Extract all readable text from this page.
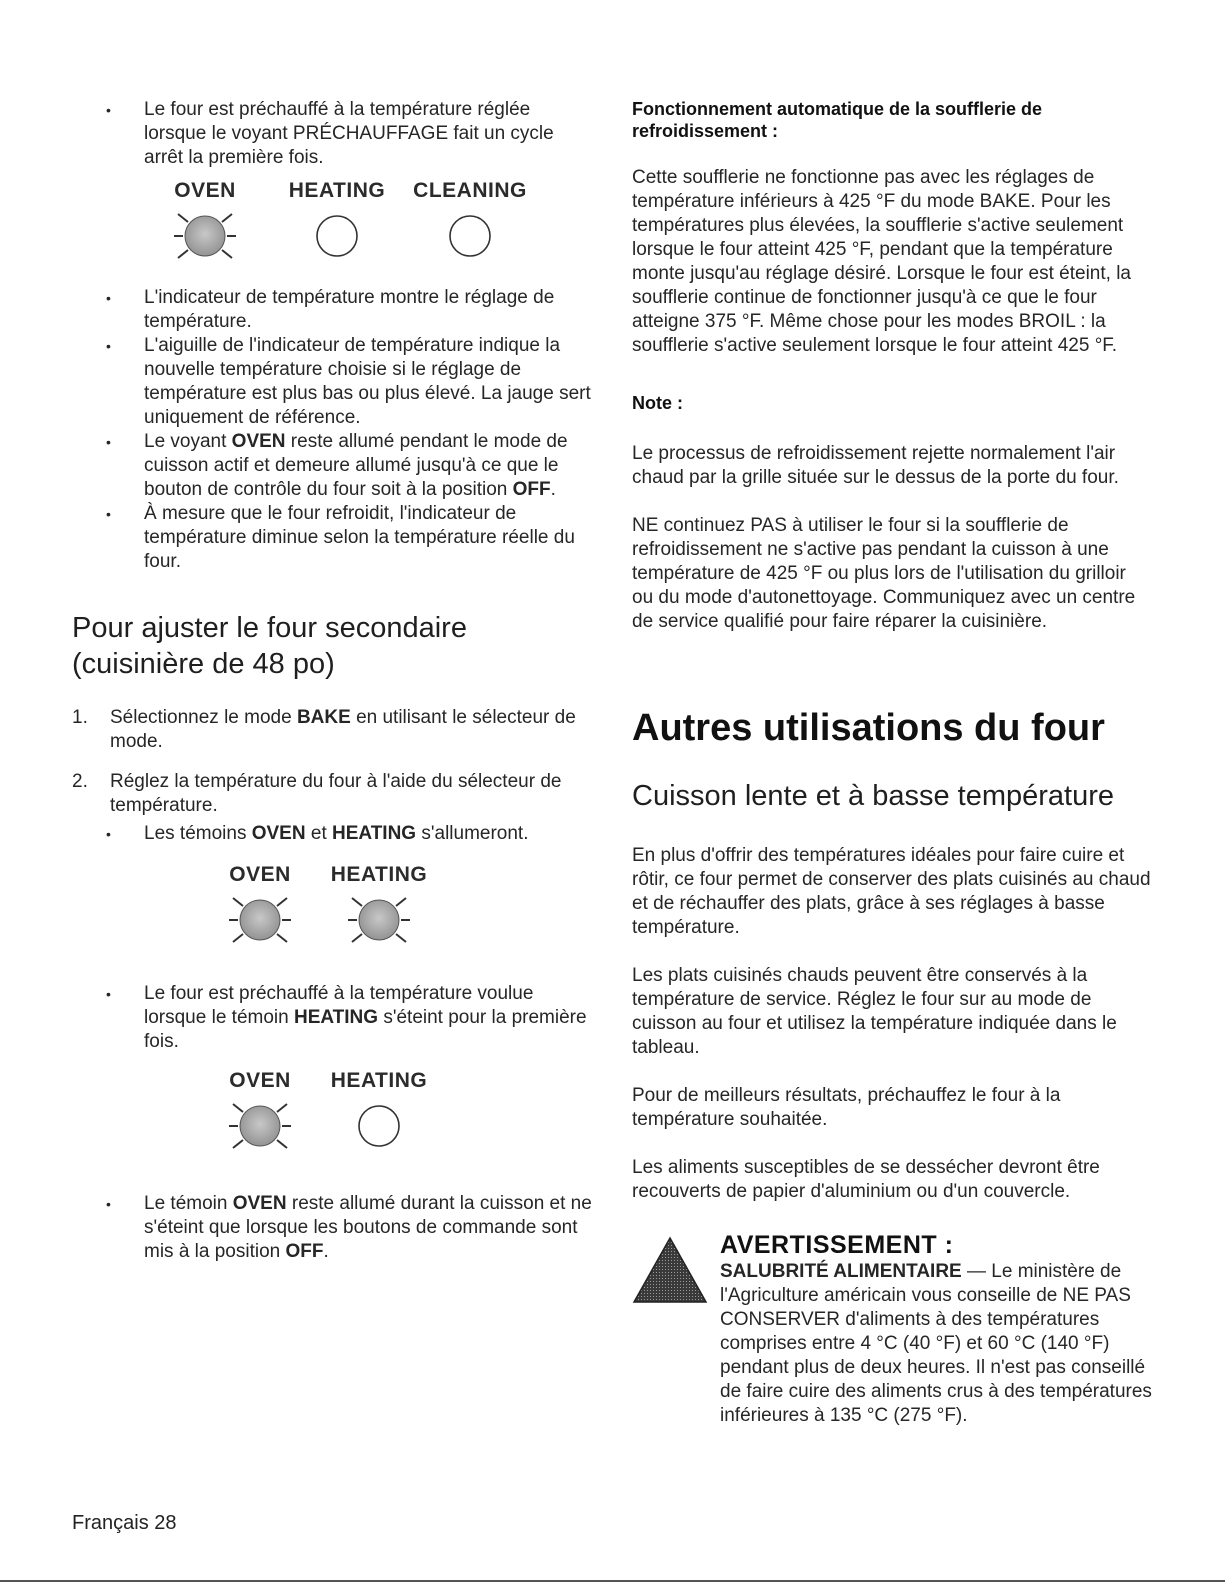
• Le four est préchauffé à la température réglée lorsque le voyant PRÉCHAUFFAGE fait un cycle arrêt la première fois.
OVEN	HEATING CLEANING
• L'indicateur de température montre le réglage de température.
• L'aiguille de l'indicateur de température indique la nouvelle température choisie si le réglage de température est plus bas ou plus élevé. La jauge sert uniquement de référence.
• Le voyant OVEN reste allumé pendant le mode de cuisson actif et demeure allumé jusqu'à ce que le bouton de contrôle du four soit à la position OFF.
• À mesure que le four refroidit, l'indicateur de température diminue selon la température réelle du four.
Pour ajuster le four secondaire (cuisinière de 48 po)
1. Sélectionnez le mode BAKE en utilisant le sélecteur de mode.
2. Réglez la température du four à l'aide du sélecteur de température.
• Les témoins OVEN et HEATING s'allumeront.
OVEN HEATING
• Le four est préchauffé à la température voulue lorsque le témoin HEATING s'éteint pour la première fois.
OVEN HEATING
• Le témoin OVEN reste allumé durant la cuisson et ne s'éteint que lorsque les boutons de commande sont mis à la position OFF.

Fonctionnement automatique de la soufflerie de refroidissement :

Cette soufflerie ne fonctionne pas avec les réglages de température inférieurs à 425 °F du mode BAKE. Pour les températures plus élevées, la soufflerie s'active seulement lorsque le four atteint 425 °F, pendant que la température monte jusqu'au réglage désiré. Lorsque le four est éteint, la soufflerie continue de fonctionner jusqu'à ce que le four atteigne 375 °F. Même chose pour les modes BROIL : la soufflerie s'active seulement lorsque le four atteint 425 °F.

Note :

Le processus de refroidissement rejette normalement l'air chaud par la grille située sur le dessus de la porte du four.

NE continuez PAS à utiliser le four si la soufflerie de refroidissement ne s'active pas pendant la cuisson à une température de 425 °F ou plus lors de l'utilisation du grilloir ou du mode d'autonettoyage. Communiquez avec un centre de service qualifié pour faire réparer la cuisinière.

Autres utilisations du four
Cuisson lente et à basse température

En plus d'offrir des températures idéales pour faire cuire et rôtir, ce four permet de conserver des plats cuisinés au chaud et de réchauffer des plats, grâce à ses réglages à basse température.

Les plats cuisinés chauds peuvent être conservés à la température de service. Réglez le four sur au mode de cuisson au four et utilisez la température indiquée dans le tableau.

Pour de meilleurs résultats, préchauffez le four à la température souhaitée.

Les aliments susceptibles de se dessécher devront être recouverts de papier d'aluminium ou d'un couvercle.

AVERTISSEMENT :

SALUBRITÉ ALIMENTAIRE — Le ministère de l'Agriculture américain vous conseille de NE PAS CONSERVER d'aliments à des températures comprises entre 4 °C (40 °F) et 60 °C (140 °F) pendant plus de deux heures. Il n'est pas conseillé de faire cuire des aliments crus à des températures inférieures à 135 °C (275 °F).

Français 28
